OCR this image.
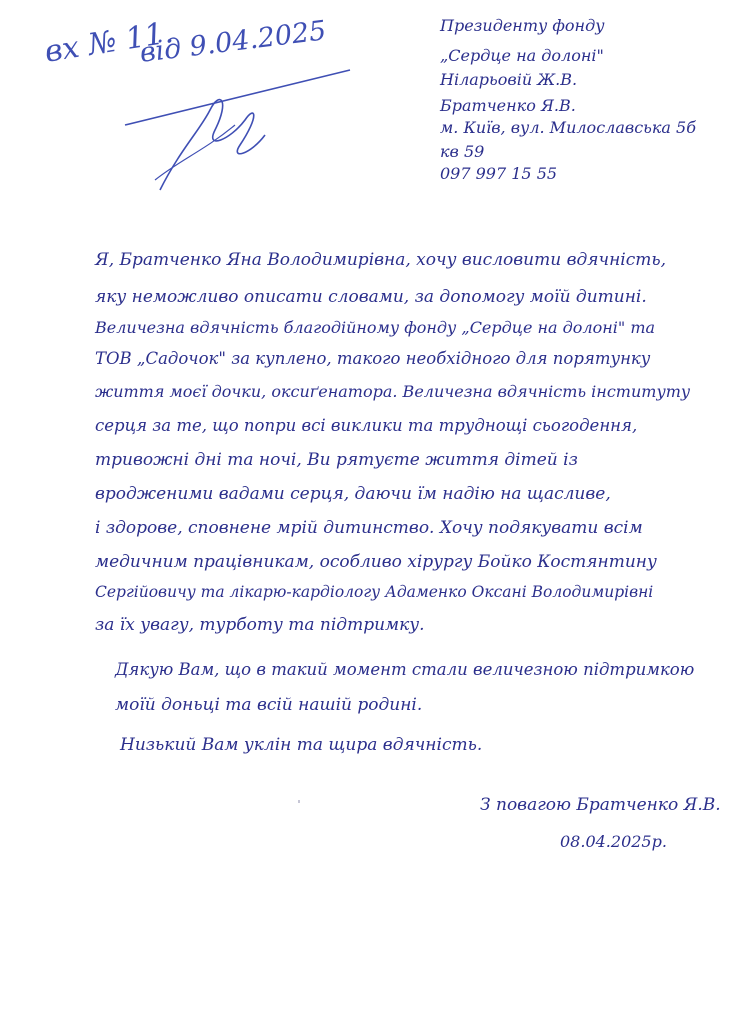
вх № 11.
від 9.04.2025	Президенту фонду
„Сердце на долоні"
Ніларьовій Ж.В.
Братченко Я.В.
м. Київ, вул. Милославська 5б
кв 59
097 997 15 55
Я, Братченко Яна Володимирівна, хочу висловити вдячність,
яку неможливо описати словами, за допомогу моїй дитині.
Величезна вдячність благодійному фонду „Сердце на долоні" та
ТОВ „Садочок" за куплено, такого необхідного для порятунку
життя моєї дочки, оксиґенатора. Величезна вдячність інституту
серця за те, що попри всі виклики та труднощі сьогодення,
тривожні дні та ночі, Ви рятуєте життя дітей із
вродженими вадами серця, даючи їм надію на щасливе,
і здорове, сповнене мрій дитинство. Хочу подякувати всім
медичним працівникам, особливо хірургу Бойко Костянтину
Сергійовичу та лікарю-кардіологу Адаменко Оксані Володимирівні
за їх увагу, турботу та підтримку.
Дякую Вам, що в такий момент стали величезною підтримкою
моїй доньці та всій нашій родині.
Низький Вам уклін та щира вдячність.
З повагою Братченко Я.В.
08.04.2025р.
